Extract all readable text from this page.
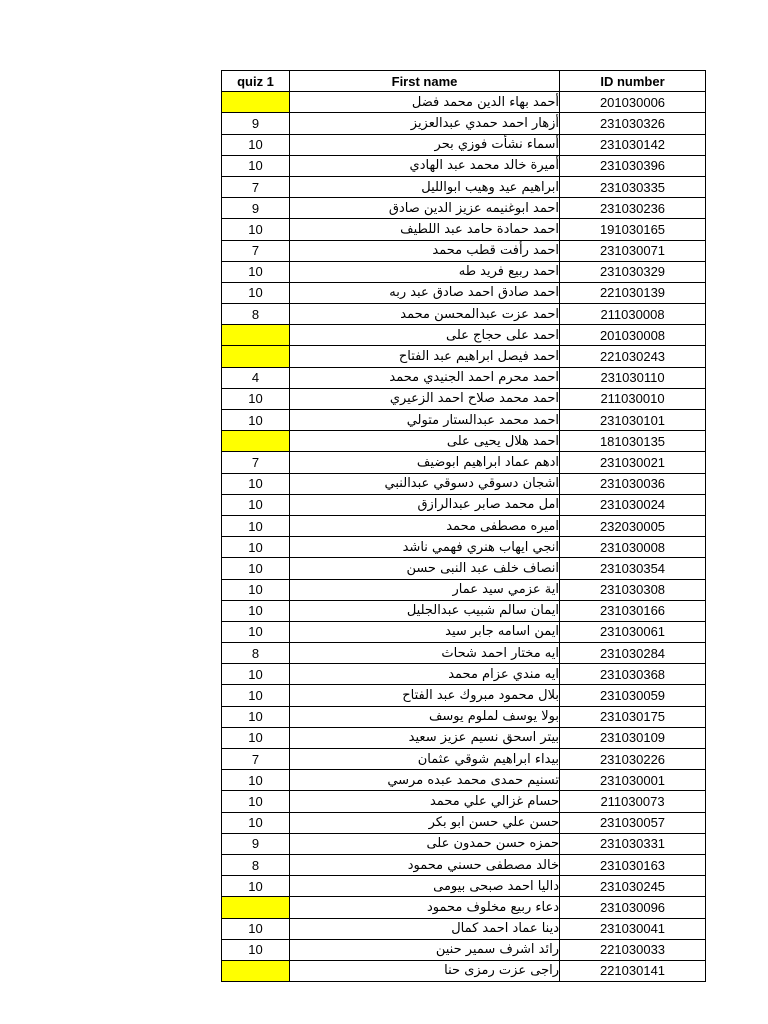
quiz 1	First name	ID number
	أحمد بهاء الدين محمد فضل	201030006
9	أزهار احمد حمدي عبدالعزيز	231030326
10	أسماء نشأت فوزي بحر	231030142
10	أميرة خالد محمد عبد الهادي	231030396
7	ابراهيم عيد وهيب ابوالليل	231030335
9	احمد ابوغنيمه عزيز الدين صادق	231030236
10	احمد حمادة حامد عبد اللطيف	191030165
7	احمد رأفت قطب محمد	231030071
10	احمد ربيع فريد طه	231030329
10	احمد صادق احمد صادق عبد ربه	221030139
8	احمد عزت عبدالمحسن محمد	211030008
	احمد على حجاج على	201030008
	احمد فيصل ابراهيم عبد الفتاح	221030243
4	احمد محرم احمد الجنيدي محمد	231030110
10	احمد محمد صلاح احمد الزعيري	211030010
10	احمد محمد عبدالستار متولي	231030101
	احمد هلال يحيى على	181030135
7	ادهم عماد ابراهيم ابوضيف	231030021
10	اشجان دسوقي دسوقي عبدالنبي	231030036
10	امل محمد صابر عبدالرازق	231030024
10	اميره مصطفى محمد	232030005
10	انجي ايهاب هنري فهمي ناشد	231030008
10	انصاف خلف عبد النبى حسن	231030354
10	اية عزمي سيد عمار	231030308
10	ايمان سالم شبيب عبدالجليل	231030166
10	ايمن اسامه جابر سيد	231030061
8	ايه مختار احمد شحاث	231030284
10	ايه مندي عزام محمد	231030368
10	بلال محمود مبروك عبد الفتاح	231030059
10	بولا يوسف لملوم يوسف	231030175
10	بيتر اسحق نسيم عزيز سعيد	231030109
7	بيداء ابراهيم شوقي عثمان	231030226
10	تسنيم حمدى محمد عبده مرسي	231030001
10	حسام غزالي علي محمد	211030073
10	حسن علي حسن ابو بكر	231030057
9	حمزه حسن حمدون على	231030331
8	خالد مصطفى حسني محمود	231030163
10	داليا احمد صبحى بيومى	231030245
	دعاء ربيع مخلوف محمود	231030096
10	دينا عماد احمد كمال	231030041
10	رائد اشرف سمير حنين	221030033
	راجى عزت رمزى حنا	221030141
